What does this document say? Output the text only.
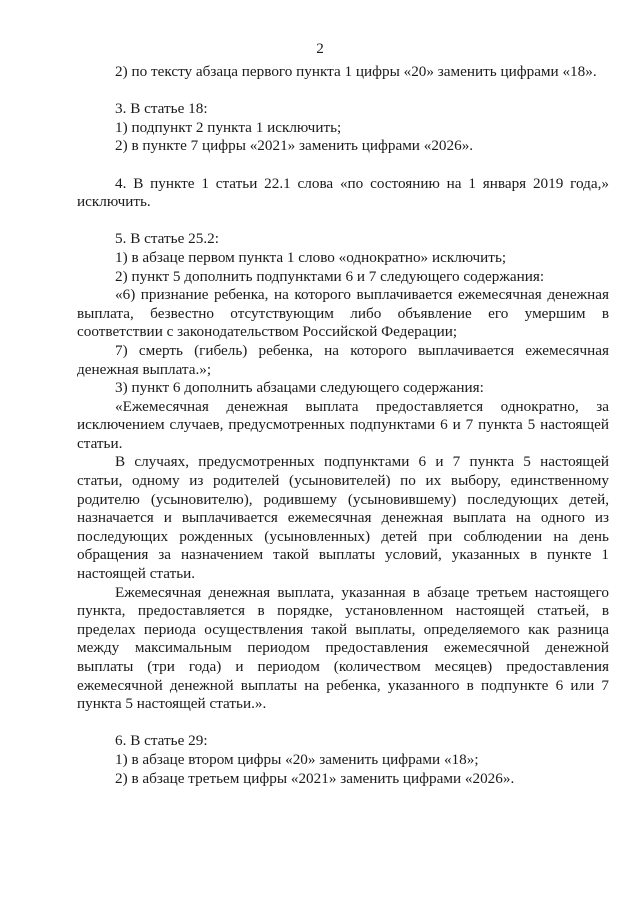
2

2) по тексту абзаца первого пункта 1 цифры «20» заменить цифрами «18».

3. В статье 18:

1) подпункт 2 пункта 1 исключить;

2) в пункте 7 цифры «2021» заменить цифрами «2026».

4. В пункте 1 статьи 22.1 слова «по состоянию на 1 января 2019 года,» исключить.

5. В статье 25.2:

1) в абзаце первом пункта 1 слово «однократно» исключить;

2) пункт 5 дополнить подпунктами 6 и 7 следующего содержания:

«6) признание ребенка, на которого выплачивается ежемесячная денежная выплата, безвестно отсутствующим либо объявление его умершим в соответствии с законодательством Российской Федерации;

7) смерть (гибель) ребенка, на которого выплачивается ежемесячная денежная выплата.»;

3) пункт 6 дополнить абзацами следующего содержания:

«Ежемесячная денежная выплата предоставляется однократно, за исключением случаев, предусмотренных подпунктами 6 и 7 пункта 5 настоящей статьи.

В случаях, предусмотренных подпунктами 6 и 7 пункта 5 настоящей статьи, одному из родителей (усыновителей) по их выбору, единственному родителю (усыновителю), родившему (усыновившему) последующих детей, назначается и выплачивается ежемесячная денежная выплата на одного из последующих рожденных (усыновленных) детей при соблюдении на день обращения за назначением такой выплаты условий, указанных в пункте 1 настоящей статьи.

Ежемесячная денежная выплата, указанная в абзаце третьем настоящего пункта, предоставляется в порядке, установленном настоящей статьей, в пределах периода осуществления такой выплаты, определяемого как разница между максимальным периодом предоставления ежемесячной денежной выплаты (три года) и периодом (количеством месяцев) предоставления ежемесячной денежной выплаты на ребенка, указанного в подпункте 6 или 7 пункта 5 настоящей статьи.».

6. В статье 29:

1) в абзаце втором цифры «20» заменить цифрами «18»;

2) в абзаце третьем цифры «2021» заменить цифрами «2026».
